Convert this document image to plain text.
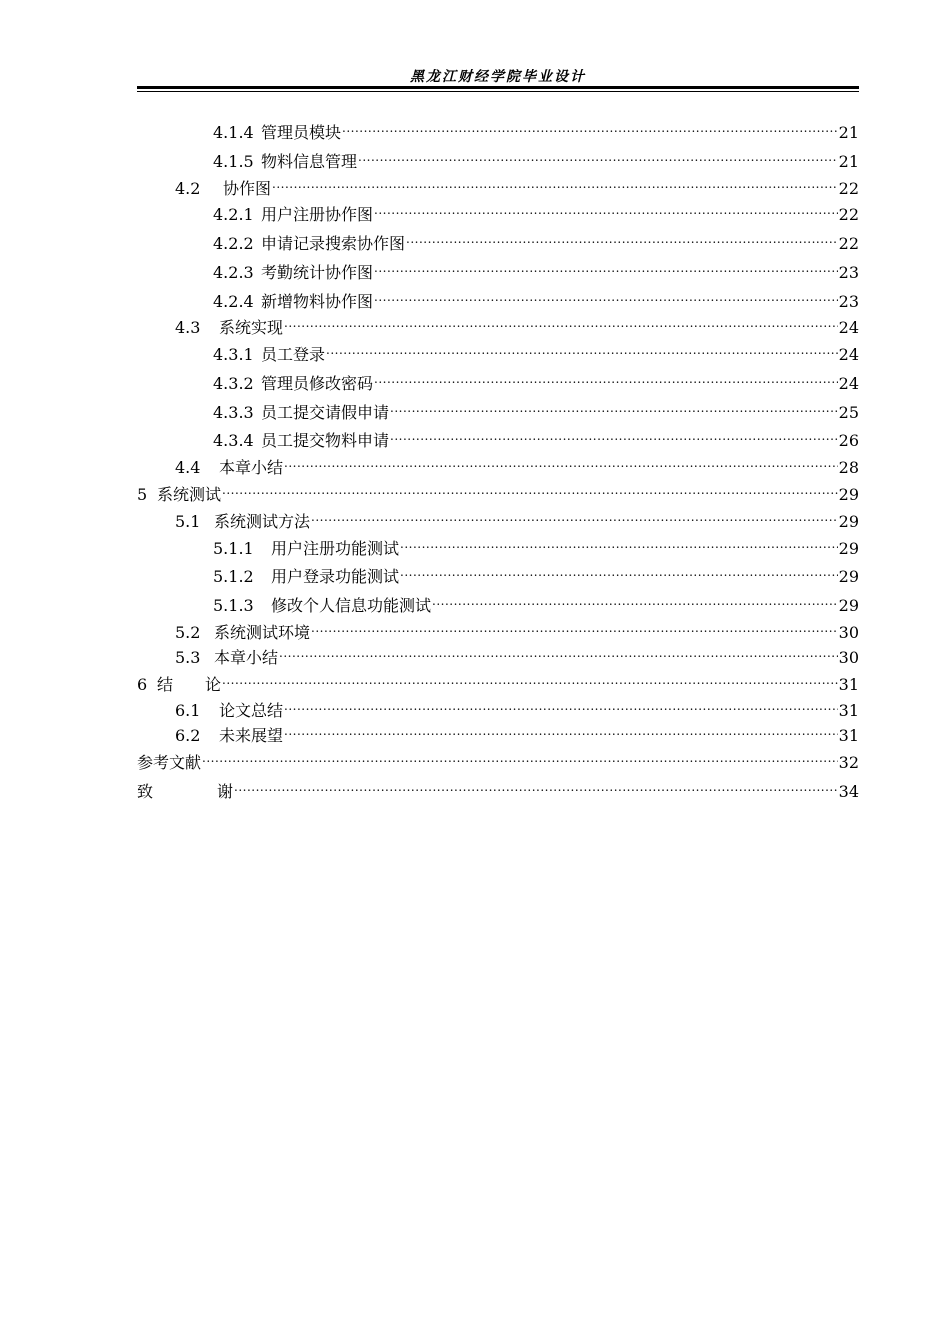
黑龙江财经学院毕业设计
4.1.4 管理员模块 .....	21
4.1.5 物料信息管理 .....	21
4.2	协作图 .....	22
4.2.1 用户注册协作图 .....	22
4.2.2 申请记录搜索协作图 .....	22
4.2.3 考勤统计协作图 .....	23
4.2.4 新增物料协作图 .....	23
4.3	系统实现 .....	24
4.3.1 员工登录 .....	24
4.3.2 管理员修改密码 .....	24
4.3.3 员工提交请假申请 .....	25
4.3.4 员工提交物料申请 .....	26
4.4	本章小结 .....	28
5 系统测试 .....	29
5.1 系统测试方法 .....	29
5.1.1	用户注册功能测试 .....	29
5.1.2	用户登录功能测试 .....	29
5.1.3	修改个人信息功能测试 .....	29
5.2 系统测试环境 .....	30
5.3 本章小结 .....	30
6 结　　论 .....	31
6.1	论文总结 .....	31
6.2	未来展望 .....	31
参考文献 .....	32
致　　　　谢 .....	34
